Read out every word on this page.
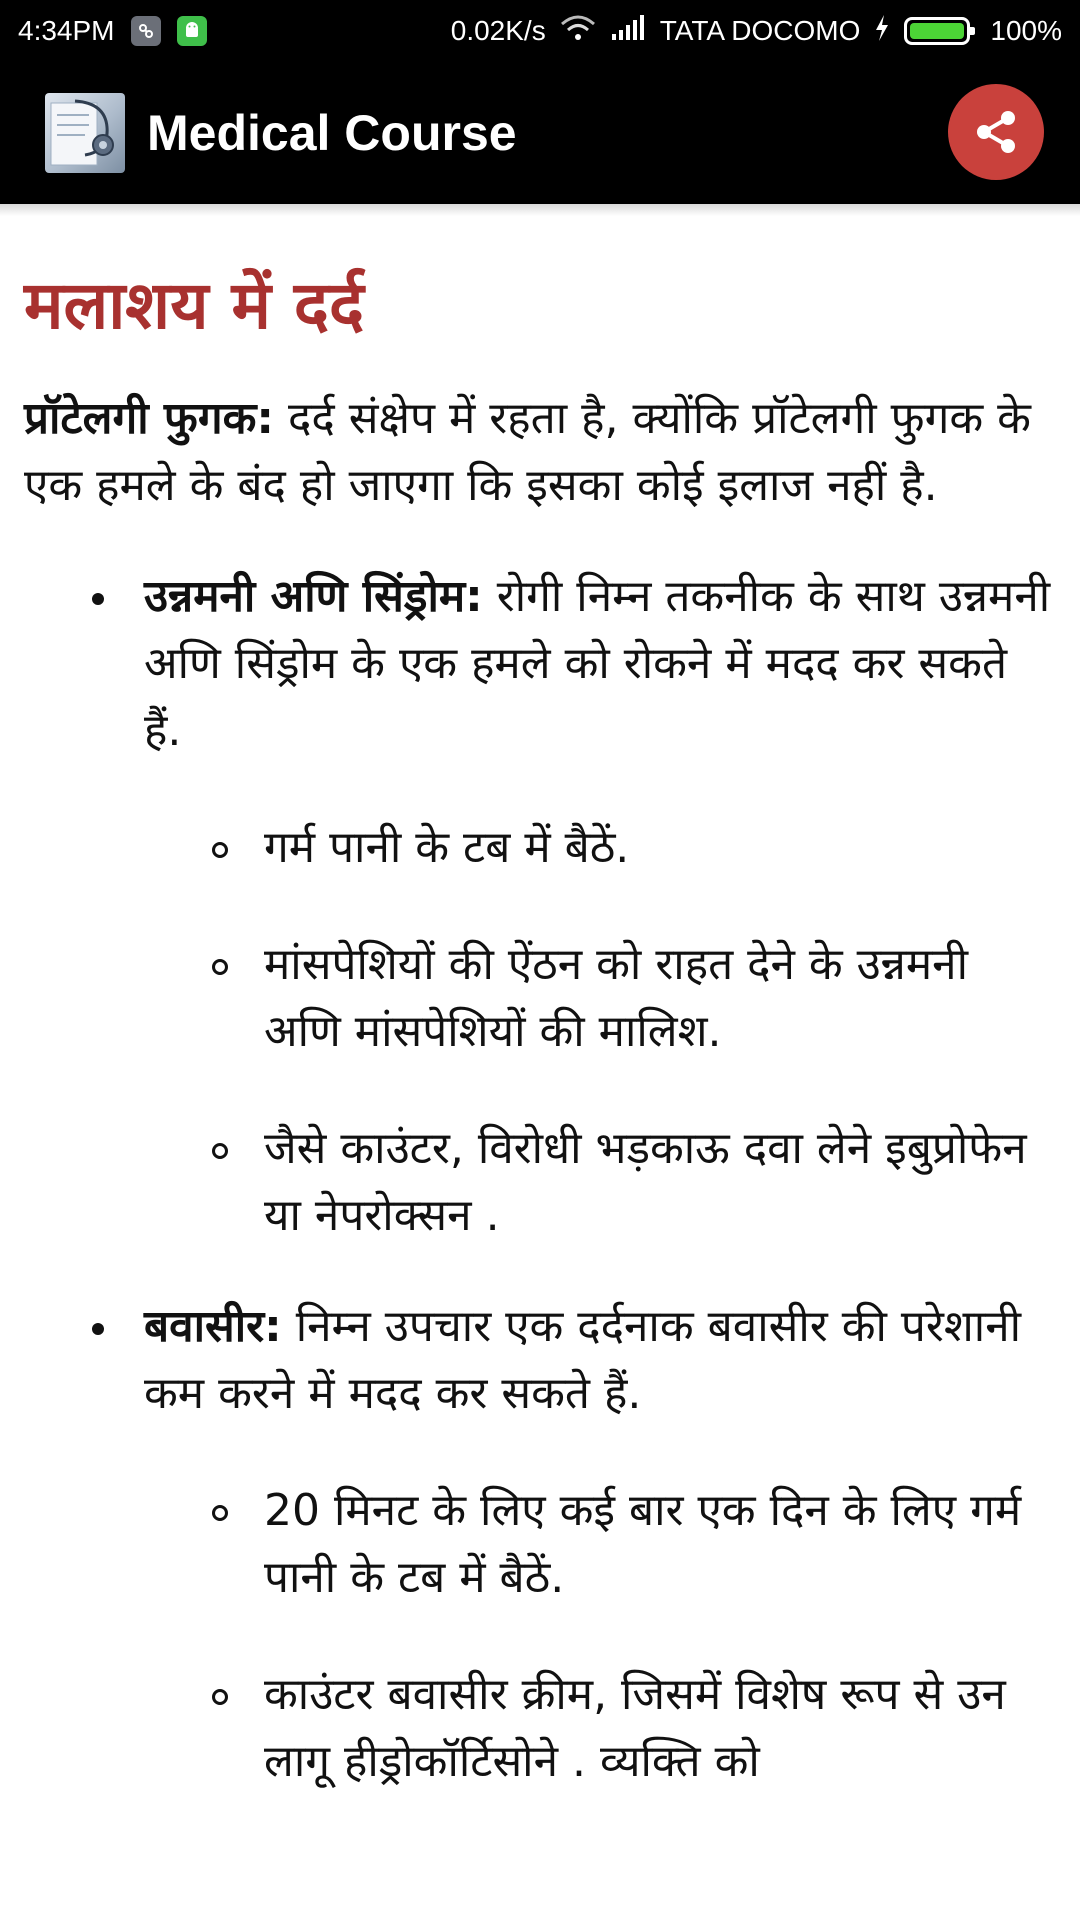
4:34PM	0.02K/s	TATA DOCOMO	100%
Medical Course
मलाशय में दर्द

प्रॉटेलगी फुगक: दर्द संक्षेप में रहता है, क्योंकि प्रॉटेलगी फुगक के एक हमले के बंद हो जाएगा कि इसका कोई इलाज नहीं है.

उन्नमनी अणि सिंड्रोम: रोगी निम्न तकनीक के साथ उन्नमनी अणि सिंड्रोम के एक हमले को रोकने में मदद कर सकते हैं.
गर्म पानी के टब में बैठें.
मांसपेशियों की ऐंठन को राहत देने के उन्नमनी अणि मांसपेशियों की मालिश.
जैसे काउंटर, विरोधी भड़काऊ दवा लेने इबुप्रोफेन या नेपरोक्सन .
बवासीर: निम्न उपचार एक दर्दनाक बवासीर की परेशानी कम करने में मदद कर सकते हैं.
20 मिनट के लिए कई बार एक दिन के लिए गर्म पानी के टब में बैठें.
काउंटर बवासीर क्रीम, जिसमें विशेष रूप से उन लागू हीड्रोकॉर्टिसोने . व्यक्ति को
